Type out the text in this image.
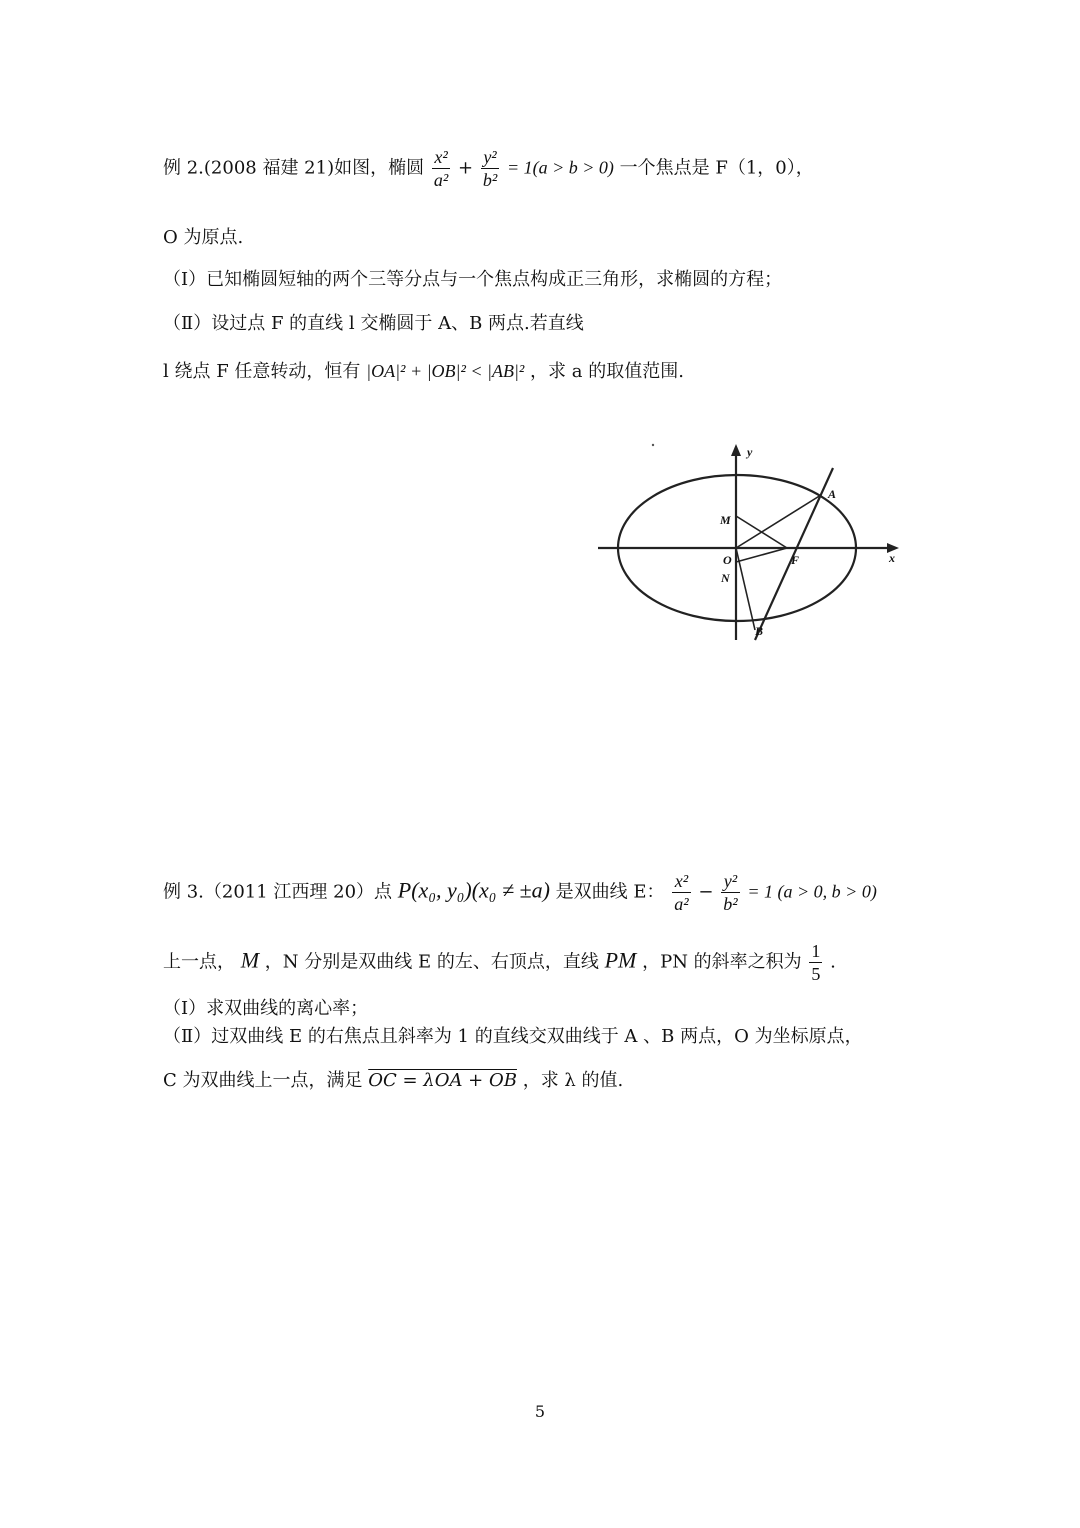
例 2.(2008 福建 21)如图，椭圆 $\frac{\text{x²}}{\text{a²}} + \frac{\text{y²}}{\text{b²}} = 1(a > b > 0)$ 一个焦点是 F（1，0），
O 为原点.
（Ⅰ）已知椭圆短轴的两个三等分点与一个焦点构成正三角形，求椭圆的方程；
（Ⅱ）设过点 F 的直线 l 交椭圆于 A、B 两点.若直线
l 绕点 F 任意转动，恒有 |OA|² + |OB|² < |AB|² ，求 a 的取值范围.
y
x
A
B
M
N
O	F
例 3.（2011 江西理 20）点 P(x₀, y₀)(x₀ ≠ ±a) 是双曲线 E： $\frac{\text{x²}}{\text{a²}} - \frac{\text{y²}}{\text{b²}} = 1$ (a > 0, b > 0)
上一点， M ，N 分别是双曲线 E 的左、右顶点，直线 PM ，PN 的斜率之积为 $\frac{1}{5}$ .
（Ⅰ）求双曲线的离心率；
（Ⅱ）过双曲线 E 的右焦点且斜率为 1 的直线交双曲线于 A 、B 两点，O 为坐标原点，
C 为双曲线上一点，满足 OC = λOA + OB ，求 λ 的值.
5
